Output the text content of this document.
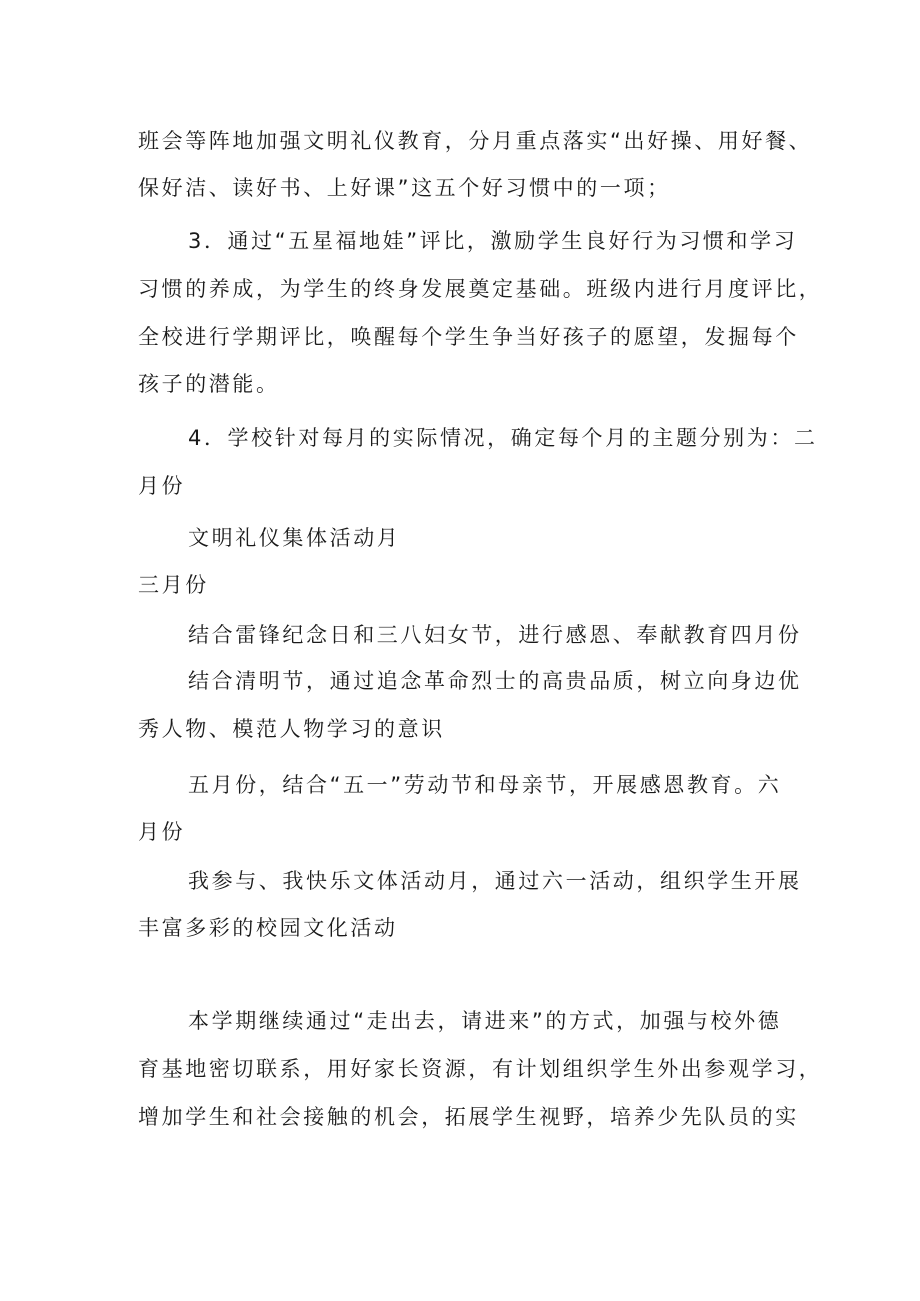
班会等阵地加强文明礼仪教育，分月重点落实“出好操、用好餐、
保好洁、读好书、上好课”这五个好习惯中的一项；
3．通过“五星福地娃”评比，激励学生良好行为习惯和学习
习惯的养成，为学生的终身发展奠定基础。班级内进行月度评比，
全校进行学期评比，唤醒每个学生争当好孩子的愿望，发掘每个
孩子的潜能。
4．学校针对每月的实际情况，确定每个月的主题分别为：二
月份
文明礼仪集体活动月
三月份
结合雷锋纪念日和三八妇女节，进行感恩、奉献教育四月份
结合清明节，通过追念革命烈士的高贵品质，树立向身边优
秀人物、模范人物学习的意识
五月份，结合“五一”劳动节和母亲节，开展感恩教育。六
月份
我参与、我快乐文体活动月，通过六一活动，组织学生开展
丰富多彩的校园文化活动
本学期继续通过“走出去，请进来”的方式，加强与校外德
育基地密切联系，用好家长资源，有计划组织学生外出参观学习，
增加学生和社会接触的机会，拓展学生视野，培养少先队员的实
